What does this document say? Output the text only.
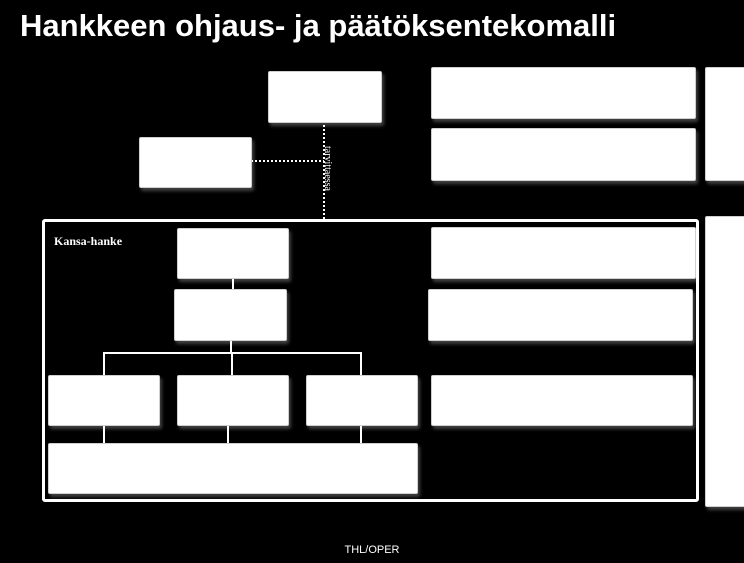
Hankkeen ohjaus- ja päätöksentekomalli
tarvittaessa
Kansa-hanke
THL/OPER
